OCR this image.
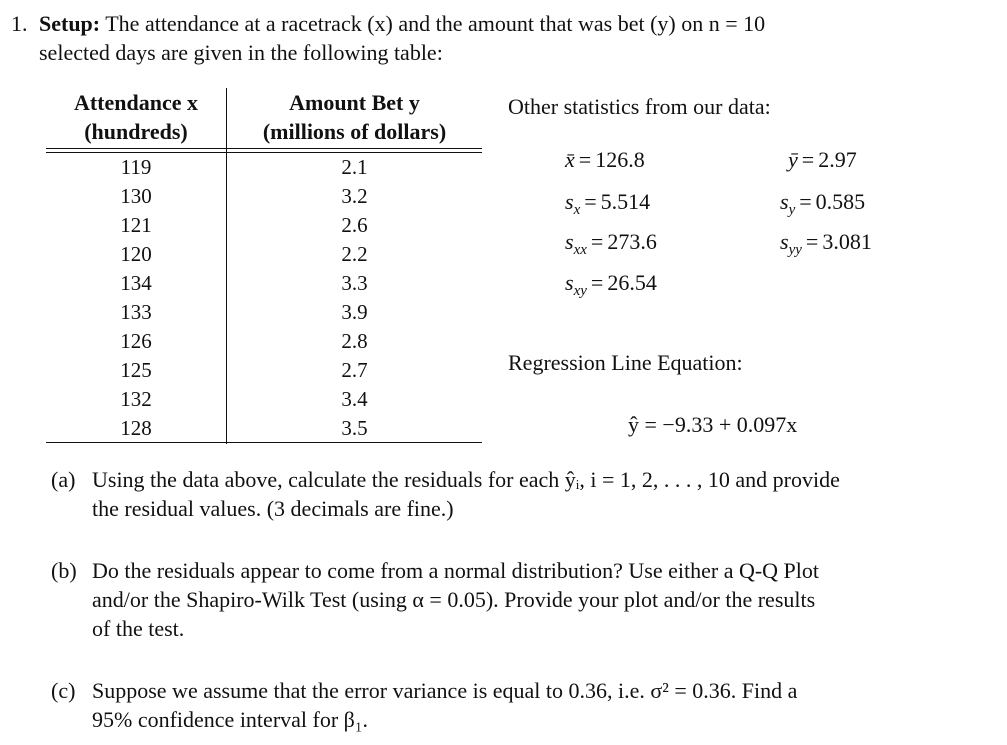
1. Setup: The attendance at a racetrack (x) and the amount that was bet (y) on n = 10
selected days are given in the following table:
Attendance x
(hundreds)
Amount Bet y
(millions of dollars)
119	2.1
130	3.2
121	2.6
120	2.2
134	3.3
133	3.9
126	2.8
125	2.7
132	3.4
128	3.5
Other statistics from our data:
x̄ = 126.8	ȳ = 2.97
$s_x = 5.514$	$s_y = 0.585$
$s_{xx} = 273.6$	$s_{yy} = 3.081$
$s_{xy} = 26.54$
Regression Line Equation:
ŷ = −9.33 + 0.097x
(a) Using the data above, calculate the residuals for each ŷᵢ, i = 1, 2, . . . , 10 and provide
the residual values. (3 decimals are fine.)
(b) Do the residuals appear to come from a normal distribution? Use either a Q-Q Plot
and/or the Shapiro-Wilk Test (using α = 0.05). Provide your plot and/or the results
of the test.
(c) Suppose we assume that the error variance is equal to 0.36, i.e. σ² = 0.36. Find a
95% confidence interval for β₁.
